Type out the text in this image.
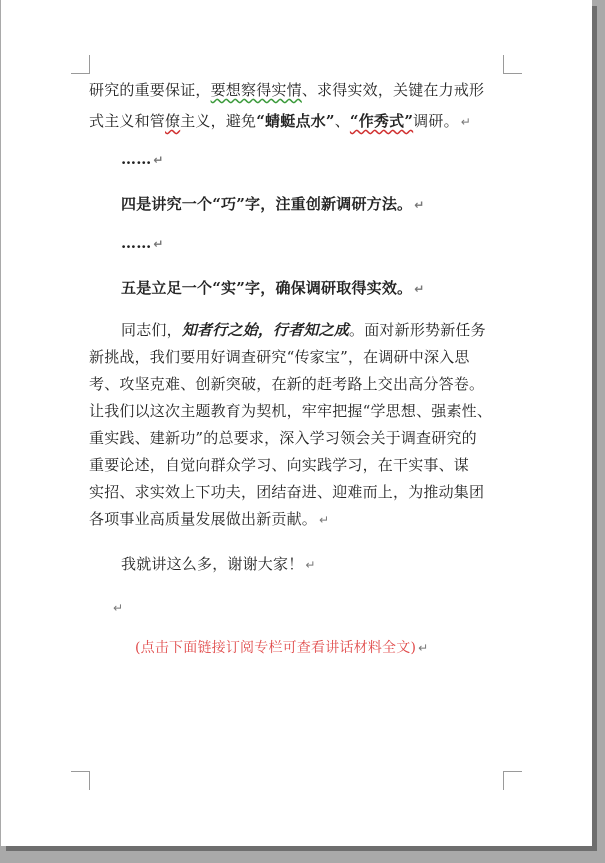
研究的重要保证，要想察得实情、求得实效，关键在力戒形
式主义和管僚主义，避免“蜻蜓点水”、“作秀式”调研。 ↵
…… ↵
四是讲究一个“巧”字，注重创新调研方法。 ↵
…… ↵
五是立足一个“实”字，确保调研取得实效。 ↵
同志们，知者行之始，行者知之成。面对新形势新任务
新挑战，我们要用好调查研究“传家宝”，在调研中深入思
考、攻坚克难、创新突破，在新的赶考路上交出高分答卷。
让我们以这次主题教育为契机，牢牢把握“学思想、强素性、
重实践、建新功”的总要求，深入学习领会关于调查研究的
重要论述，自觉向群众学习、向实践学习，在干实事、谋
实招、求实效上下功夫，团结奋进、迎难而上，为推动集团
各项事业高质量发展做出新贡献。 ↵
我就讲这么多，谢谢大家！ ↵
↵
(点击下面链接订阅专栏可查看讲话材料全文) ↵
